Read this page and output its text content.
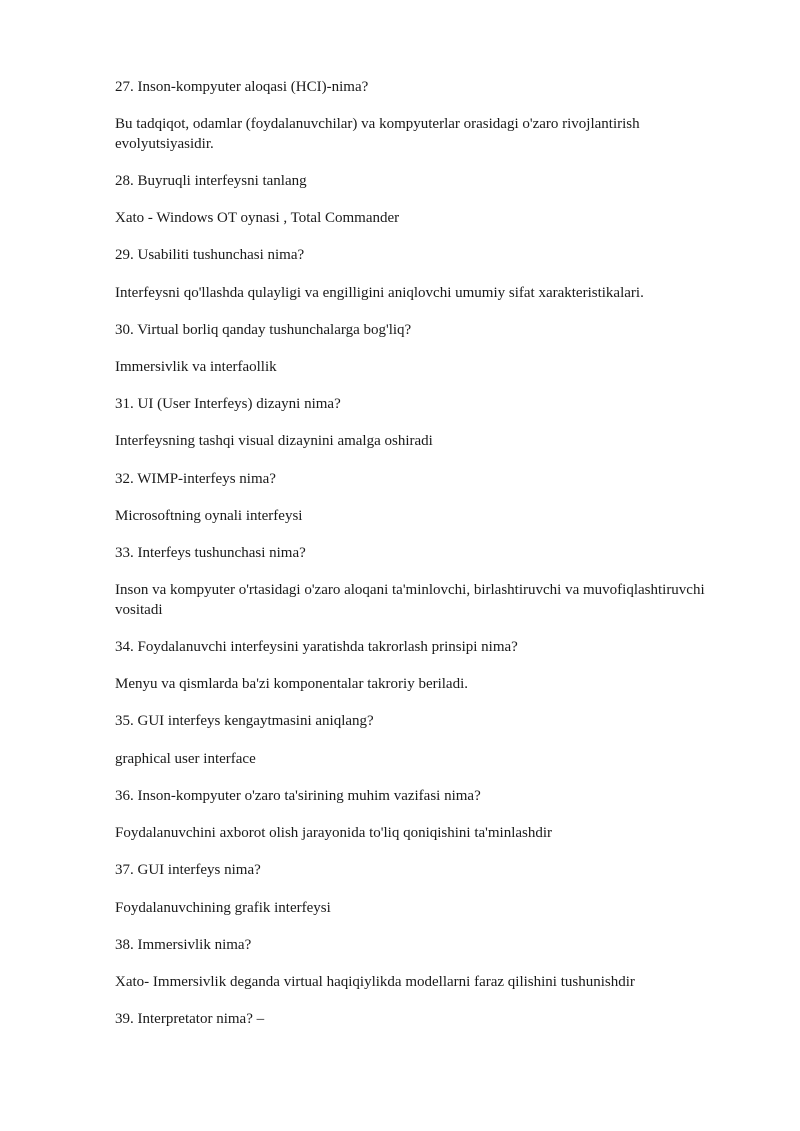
27. Inson-kompyuter aloqasi (HCI)-nima?

Bu tadqiqot, odamlar (foydalanuvchilar) va kompyuterlar orasidagi o'zaro rivojlantirish evolyutsiyasidir.

28. Buyruqli interfeysni tanlang

Xato - Windows OT oynasi , Total Commander

29. Usabiliti tushunchasi nima?

Interfeysni qo'llashda qulayligi va engilligini aniqlovchi umumiy sifat xarakteristikalari.

30. Virtual borliq qanday tushunchalarga bog'liq?

Immersivlik va interfaollik

31. UI (User Interfeys) dizayni nima?

Interfeysning tashqi visual dizaynini amalga oshiradi

32. WIMP-interfeys nima?

Microsoftning oynali interfeysi

33. Interfeys tushunchasi nima?

Inson va kompyuter o'rtasidagi o'zaro aloqani ta'minlovchi, birlashtiruvchi va muvofiqlashtiruvchi vositadi

34. Foydalanuvchi interfeysini yaratishda takrorlash prinsipi nima?

Menyu va qismlarda ba'zi komponentalar takroriy beriladi.

35. GUI interfeys kengaytmasini aniqlang?

graphical user interface

36. Inson-kompyuter o'zaro ta'sirining muhim vazifasi nima?

Foydalanuvchini axborot olish jarayonida to'liq qoniqishini ta'minlashdir

37. GUI interfeys nima?

Foydalanuvchining grafik interfeysi

38. Immersivlik nima?

Xato- Immersivlik deganda virtual haqiqiylikda modellarni faraz qilishini tushunishdir

39. Interpretator nima? –
